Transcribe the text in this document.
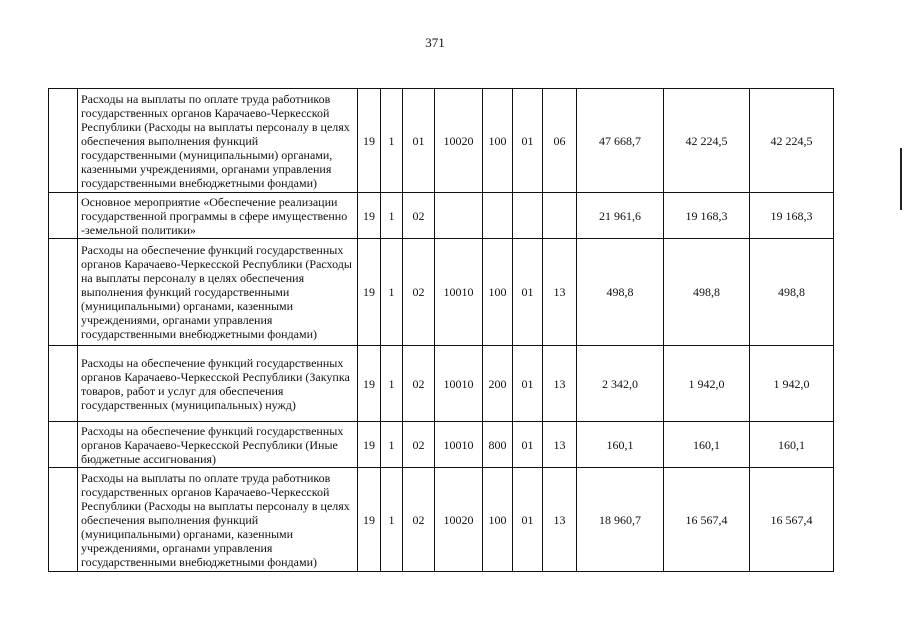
371
	Расходы на выплаты по оплате труда работников государственных органов Карачаево-Черкесской Республики (Расходы на выплаты персоналу в целях обеспечения выполнения функций государственными (муниципальными) органами, казенными учреждениями, органами управления государственными внебюджетными фондами)	19	1	01	10020	100	01	06	47 668,7	42 224,5	42 224,5
	Основное мероприятие «Обеспечение реализации государственной программы в сфере имущественно -земельной политики»	19	1	02					21 961,6	19 168,3	19 168,3
	Расходы на обеспечение функций государственных органов Карачаево-Черкесской Республики (Расходы на выплаты персоналу в целях обеспечения выполнения функций государственными (муниципальными) органами, казенными учреждениями, органами управления государственными внебюджетными фондами)	19	1	02	10010	100	01	13	498,8	498,8	498,8
	Расходы на обеспечение функций государственных органов Карачаево-Черкесской Республики (Закупка товаров, работ и услуг для обеспечения государственных (муниципальных) нужд)	19	1	02	10010	200	01	13	2 342,0	1 942,0	1 942,0
	Расходы на обеспечение функций государственных органов Карачаево-Черкесской Республики (Иные бюджетные ассигнования)	19	1	02	10010	800	01	13	160,1	160,1	160,1
	Расходы на выплаты по оплате труда работников государственных органов Карачаево-Черкесской Республики (Расходы на выплаты персоналу в целях обеспечения выполнения функций (муниципальными) органами, казенными учреждениями, органами управления государственными внебюджетными фондами)	19	1	02	10020	100	01	13	18 960,7	16 567,4	16 567,4
